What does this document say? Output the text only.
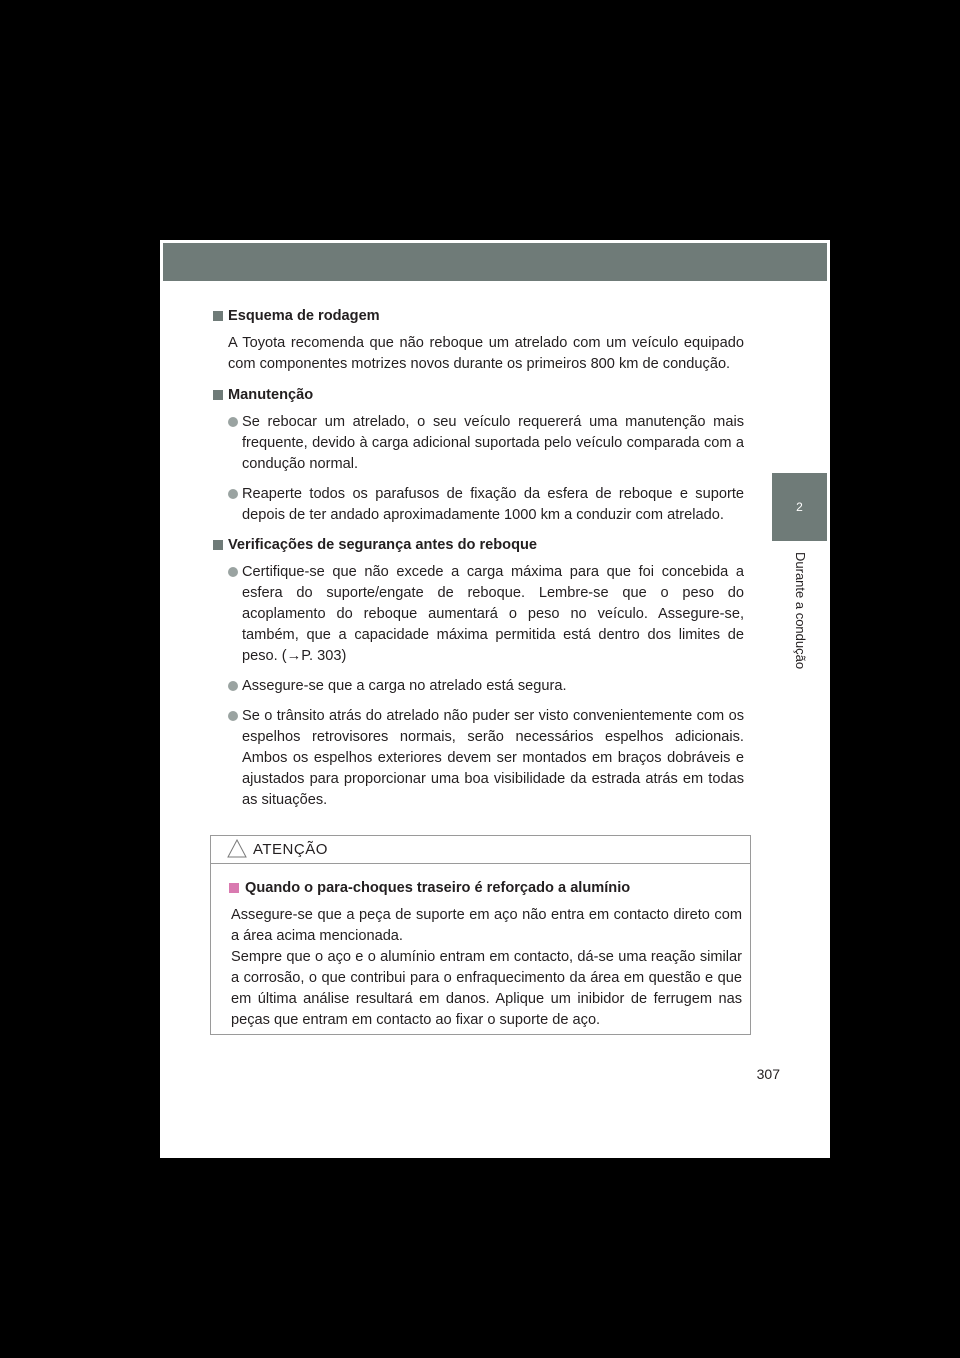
2
Durante a condução
Esquema de rodagem
A Toyota recomenda que não reboque um atrelado com um veículo equipado com componentes motrizes novos durante os primeiros 800 km de condução.
Manutenção
Se rebocar um atrelado, o seu veículo requererá uma manutenção mais frequente, devido à carga adicional suportada pelo veículo comparada com a condução normal.
Reaperte todos os parafusos de fixação da esfera de reboque e suporte depois de ter andado aproximadamente 1000 km a conduzir com atrelado.
Verificações de segurança antes do reboque
Certifique-se que não excede a carga máxima para que foi concebida a esfera do suporte/engate de reboque. Lembre-se que o peso do acoplamento do reboque aumentará o peso no veículo. Assegure-se, também, que a capacidade máxima permitida está dentro dos limites de peso. (→P. 303)
Assegure-se que a carga no atrelado está segura.
Se o trânsito atrás do atrelado não puder ser visto convenientemente com os espelhos retrovisores normais, serão necessários espelhos adicionais. Ambos os espelhos exteriores devem ser montados em braços dobráveis e ajustados para proporcionar uma boa visibilidade da estrada atrás em todas as situações.
ATENÇÃO
Quando o para-choques traseiro é reforçado a alumínio
Assegure-se que a peça de suporte em aço não entra em contacto direto com a área acima mencionada.
Sempre que o aço e o alumínio entram em contacto, dá-se uma reação similar a corrosão, o que contribui para o enfraquecimento da área em questão e que em última análise resultará em danos. Aplique um inibidor de ferrugem nas peças que entram em contacto ao fixar o suporte de aço.
307
